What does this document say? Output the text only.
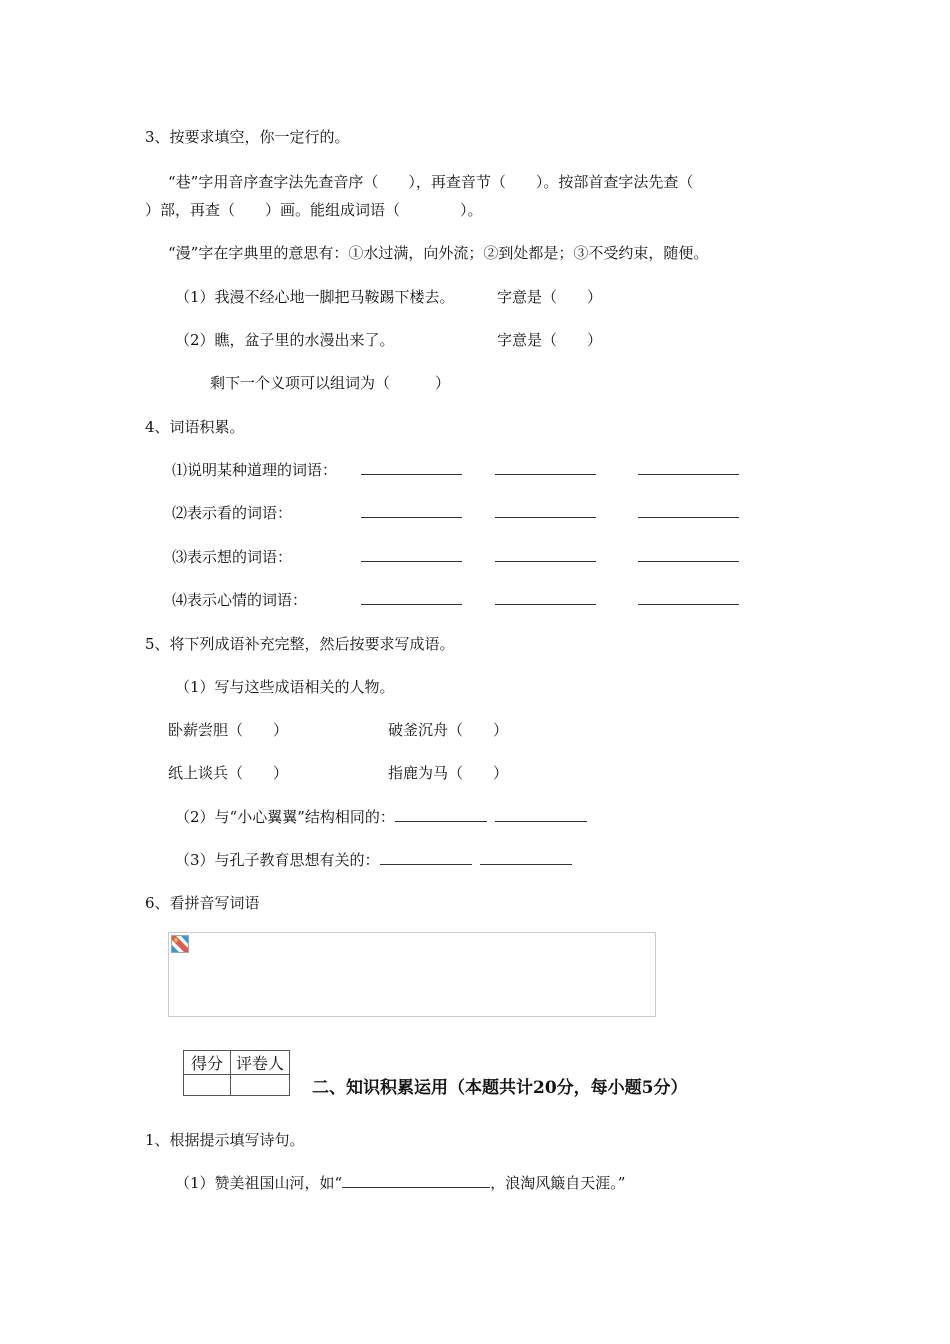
3、按要求填空，你一定行的。
“巷”字用音序查字法先查音序（　　），再查音节（　　）。按部首查字法先查（
）部，再查（　　）画。能组成词语（　　　　）。
“漫”字在字典里的意思有：①水过满，向外流；②到处都是；③不受约束，随便。
（1）我漫不经心地一脚把马鞍踢下楼去。	字意是（　　）
（2）瞧，盆子里的水漫出来了。	字意是（　　）
剩下一个义项可以组词为（　　　）
4、词语积累。
⑴说明某种道理的词语：
⑵表示看的词语：
⑶表示想的词语：
⑷表示心情的词语：
5、将下列成语补充完整，然后按要求写成语。
（1）写与这些成语相关的人物。
卧薪尝胆（　　）	破釜沉舟（　　）
纸上谈兵（　　）	指鹿为马（　　）
（2）与“小心翼翼”结构相同的：
（3）与孔子教育思想有关的：
6、看拼音写词语
得分	评卷人

二、知识积累运用（本题共计20分，每小题5分）
1、根据提示填写诗句。
（1）赞美祖国山河，如“	，浪淘风簸自天涯。”
